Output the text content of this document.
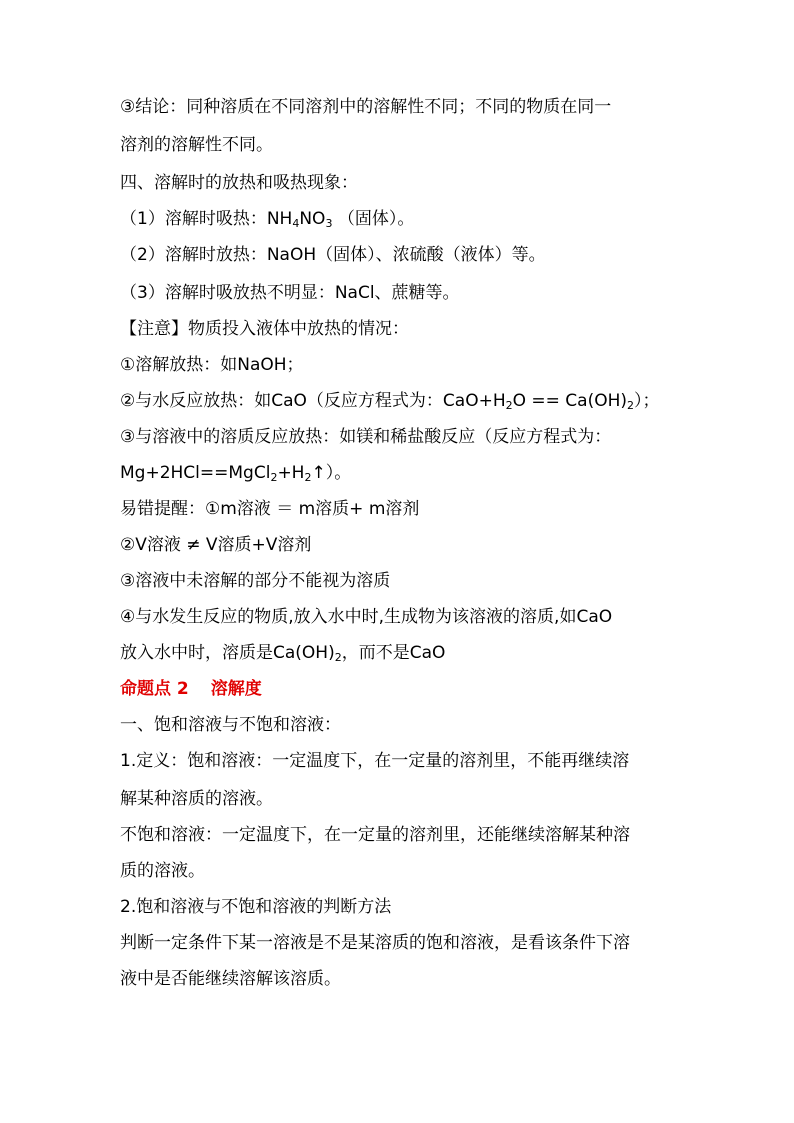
③结论：同种溶质在不同溶剂中的溶解性不同；不同的物质在同一
溶剂的溶解性不同。
四、溶解时的放热和吸热现象：
（1）溶解时吸热：$NH_4NO_3$ （固体）。
（2）溶解时放热：NaOH（固体）、浓硫酸（液体）等。
（3）溶解时吸放热不明显：NaCl、蔗糖等。
【注意】物质投入液体中放热的情况：
①溶解放热：如NaOH；
②与水反应放热：如CaO（反应方程式为：$CaO+H_2O == Ca(OH)_2$）；
③与溶液中的溶质反应放热：如镁和稀盐酸反应（反应方程式为：
$Mg+2HCl==MgCl_2+H_2↑$）。
易错提醒：①m溶液 ＝ m溶质+ m溶剂
②V溶液 ≠ V溶质+V溶剂
③溶液中未溶解的部分不能视为溶质
④与水发生反应的物质,放入水中时,生成物为该溶液的溶质,如CaO
放入水中时，溶质是$Ca(OH)_2$，而不是CaO
命题点 2 溶解度
一、饱和溶液与不饱和溶液：
1.定义：饱和溶液：一定温度下，在一定量的溶剂里，不能再继续溶
解某种溶质的溶液。
不饱和溶液：一定温度下，在一定量的溶剂里，还能继续溶解某种溶
质的溶液。
2.饱和溶液与不饱和溶液的判断方法
判断一定条件下某一溶液是不是某溶质的饱和溶液，是看该条件下溶
液中是否能继续溶解该溶质。
